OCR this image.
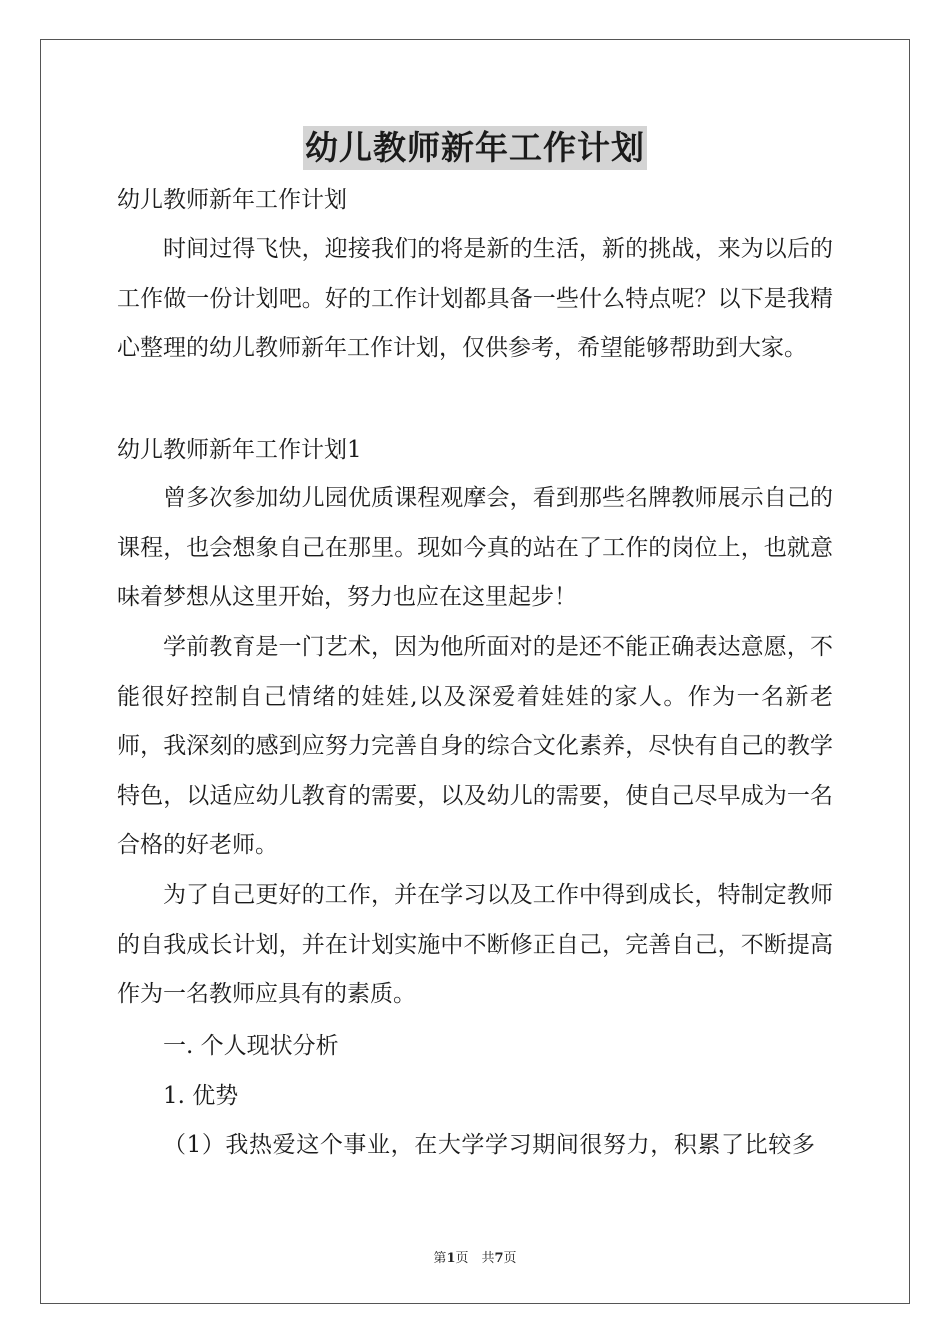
幼儿教师新年工作计划
幼儿教师新年工作计划
时间过得飞快，迎接我们的将是新的生活，新的挑战，来为以后的工作做一份计划吧。好的工作计划都具备一些什么特点呢？以下是我精心整理的幼儿教师新年工作计划，仅供参考，希望能够帮助到大家。
幼儿教师新年工作计划1
曾多次参加幼儿园优质课程观摩会，看到那些名牌教师展示自己的课程，也会想象自己在那里。现如今真的站在了工作的岗位上，也就意味着梦想从这里开始，努力也应在这里起步！
学前教育是一门艺术，因为他所面对的是还不能正确表达意愿，不能很好控制自己情绪的娃娃,以及深爱着娃娃的家人。作为一名新老师，我深刻的感到应努力完善自身的综合文化素养，尽快有自己的教学特色，以适应幼儿教育的需要，以及幼儿的需要，使自己尽早成为一名合格的好老师。
为了自己更好的工作，并在学习以及工作中得到成长，特制定教师的自我成长计划，并在计划实施中不断修正自己，完善自己，不断提高作为一名教师应具有的素质。
一. 个人现状分析
1. 优势
（1）我热爱这个事业，在大学学习期间很努力，积累了比较多
第1页　共7页
